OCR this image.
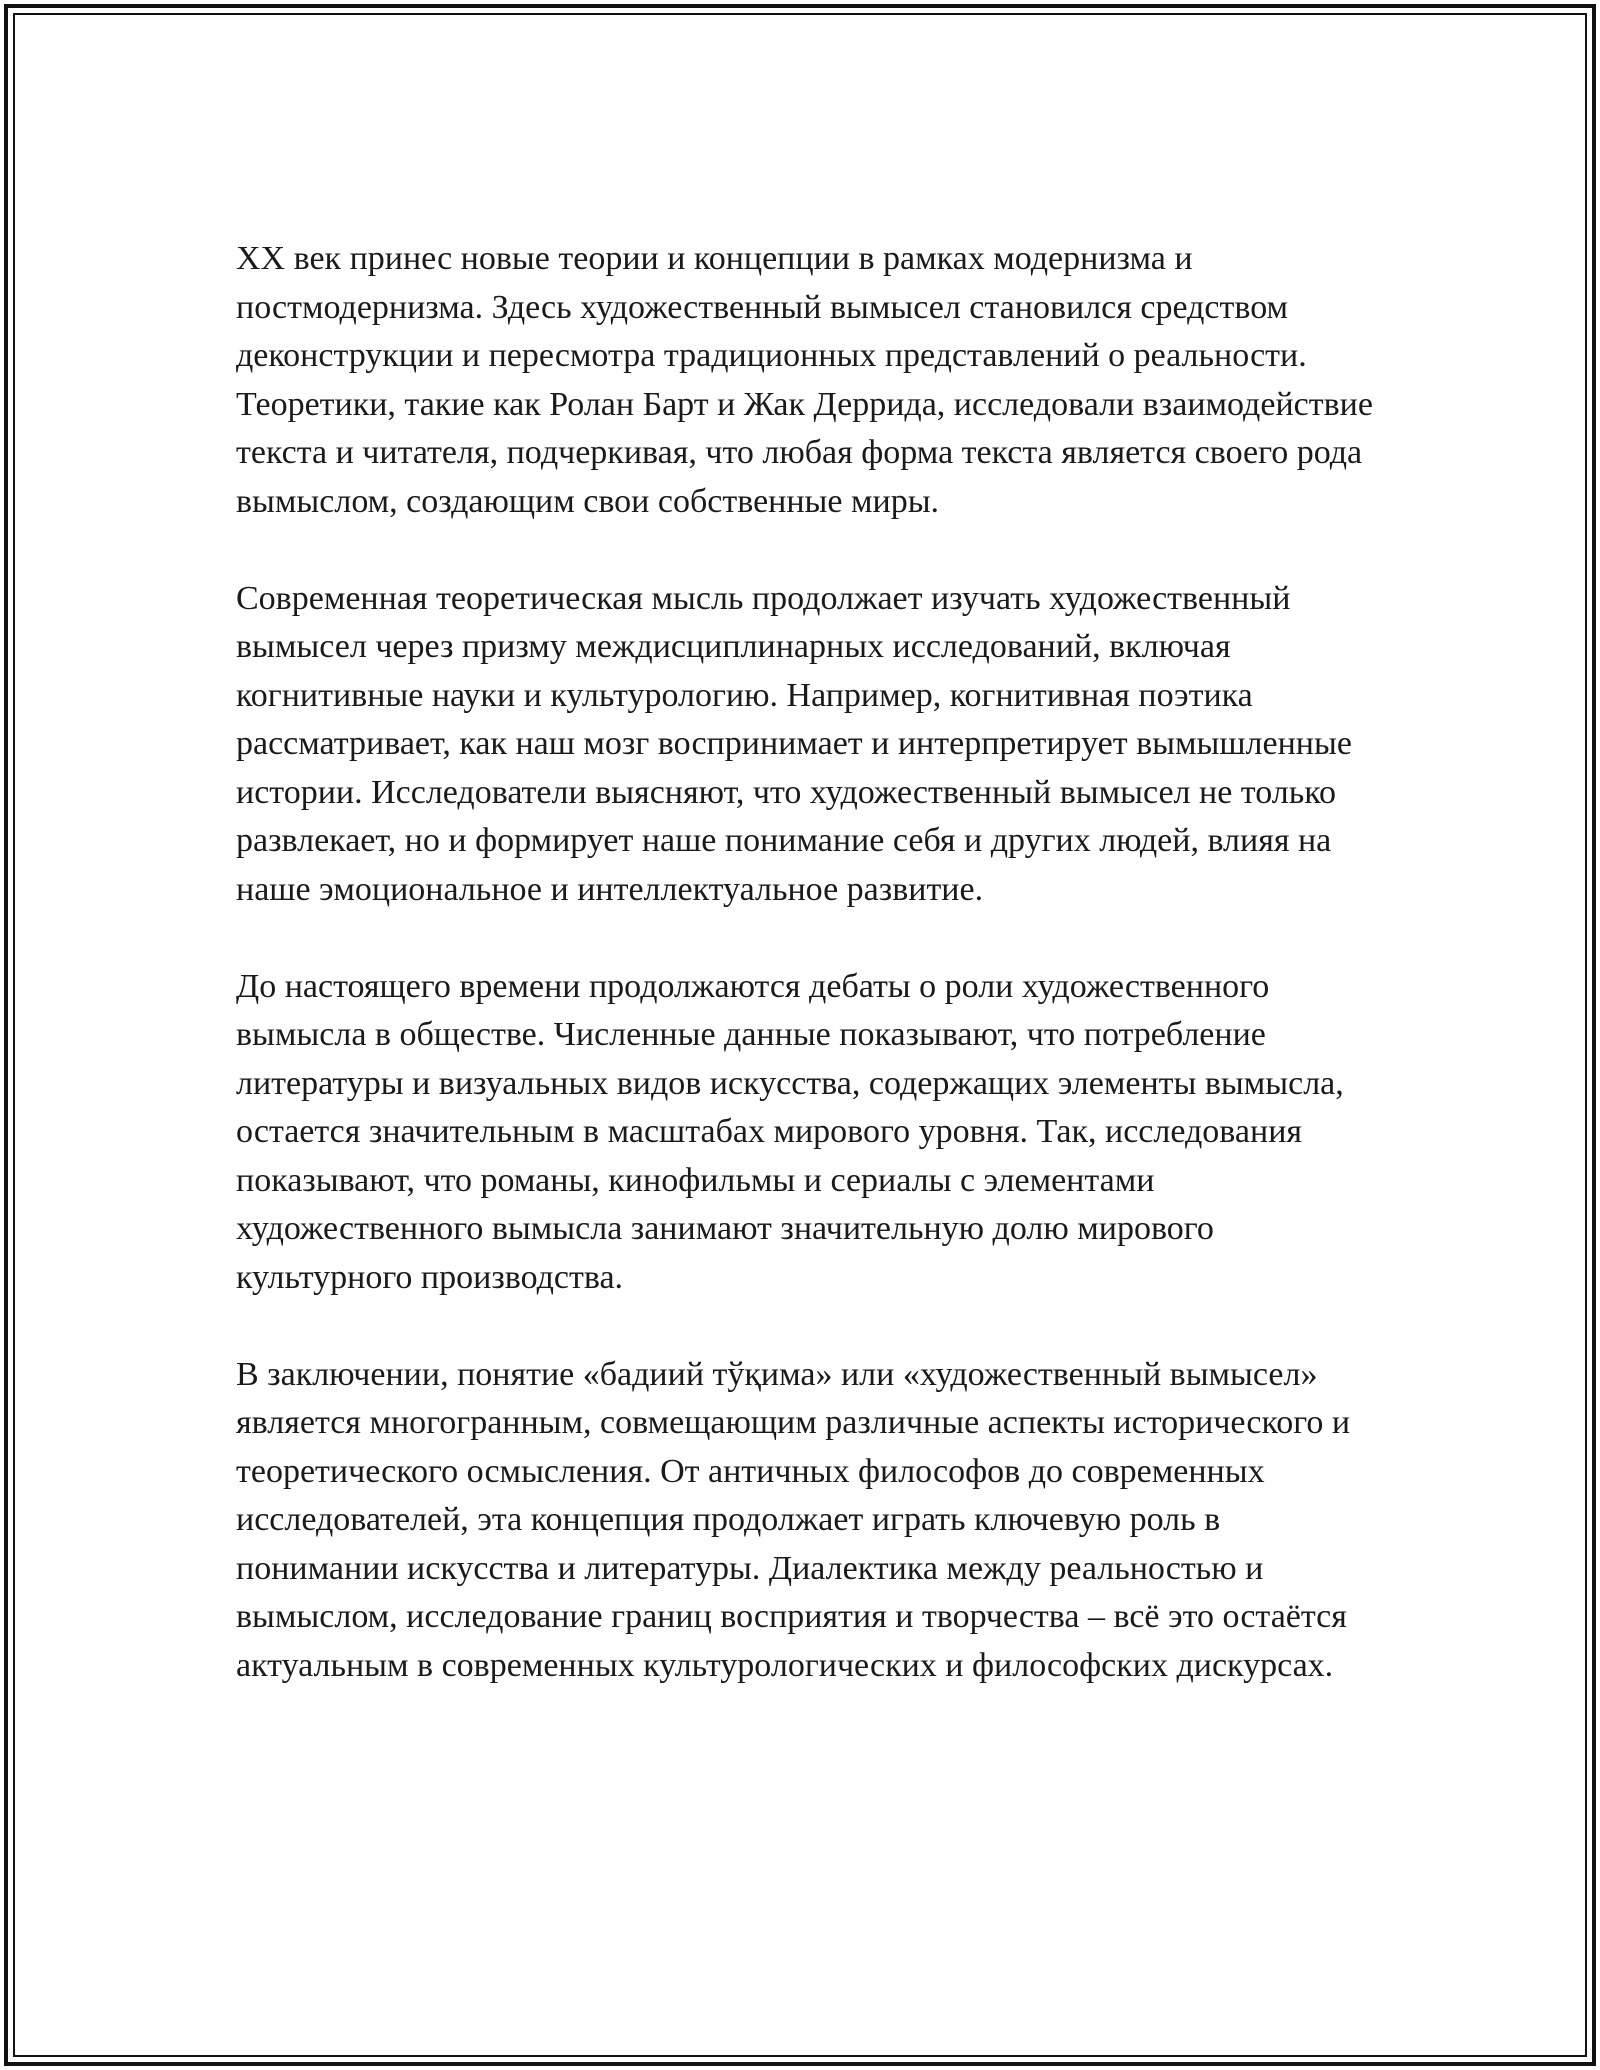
XX век принес новые теории и концепции в рамках модернизма и постмодернизма. Здесь художественный вымысел становился средством деконструкции и пересмотра традиционных представлений о реальности. Теоретики, такие как Ролан Барт и Жак Деррида, исследовали взаимодействие текста и читателя, подчеркивая, что любая форма текста является своего рода вымыслом, создающим свои собственные миры.

Современная теоретическая мысль продолжает изучать художественный вымысел через призму междисциплинарных исследований, включая когнитивные науки и культурологию. Например, когнитивная поэтика рассматривает, как наш мозг воспринимает и интерпретирует вымышленные истории. Исследователи выясняют, что художественный вымысел не только развлекает, но и формирует наше понимание себя и других людей, влияя на наше эмоциональное и интеллектуальное развитие.

До настоящего времени продолжаются дебаты о роли художественного вымысла в обществе. Численные данные показывают, что потребление литературы и визуальных видов искусства, содержащих элементы вымысла, остается значительным в масштабах мирового уровня. Так, исследования показывают, что романы, кинофильмы и сериалы с элементами художественного вымысла занимают значительную долю мирового культурного производства.

В заключении, понятие «бадиий тўқима» или «художественный вымысел» является многогранным, совмещающим различные аспекты исторического и теоретического осмысления. От античных философов до современных исследователей, эта концепция продолжает играть ключевую роль в понимании искусства и литературы. Диалектика между реальностью и вымыслом, исследование границ восприятия и творчества – всё это остаётся актуальным в современных культурологических и философских дискурсах.
